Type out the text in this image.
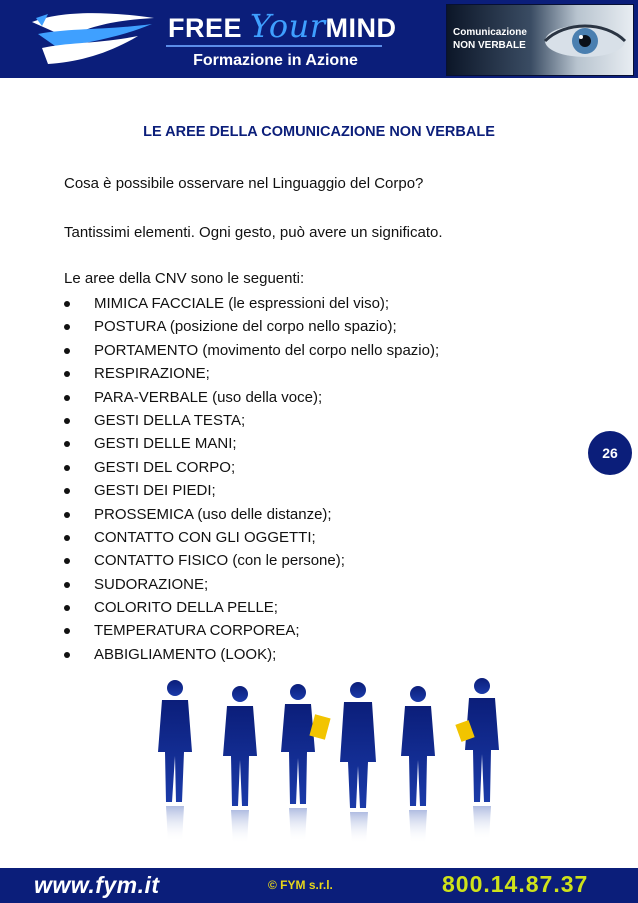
FREE YourMIND
Formazione in Azione
Comunicazione
NON VERBALE
LE AREE DELLA COMUNICAZIONE NON VERBALE
Cosa è possibile osservare nel Linguaggio del Corpo?
Tantissimi elementi. Ogni gesto, può avere un significato.
Le aree della CNV sono le seguenti:
MIMICA FACCIALE (le espressioni del viso);
POSTURA (posizione del corpo nello spazio);
PORTAMENTO (movimento del corpo nello spazio);
RESPIRAZIONE;
PARA-VERBALE (uso della voce);
GESTI DELLA TESTA;
GESTI DELLE MANI;
GESTI DEL CORPO;
GESTI DEI PIEDI;
PROSSEMICA (uso delle distanze);
CONTATTO CON GLI OGGETTI;
CONTATTO FISICO (con le persone);
SUDORAZIONE;
COLORITO DELLA PELLE;
TEMPERATURA CORPOREA;
ABBIGLIAMENTO (LOOK);
26
www.fym.it	© FYM s.r.l.	800.14.87.37
